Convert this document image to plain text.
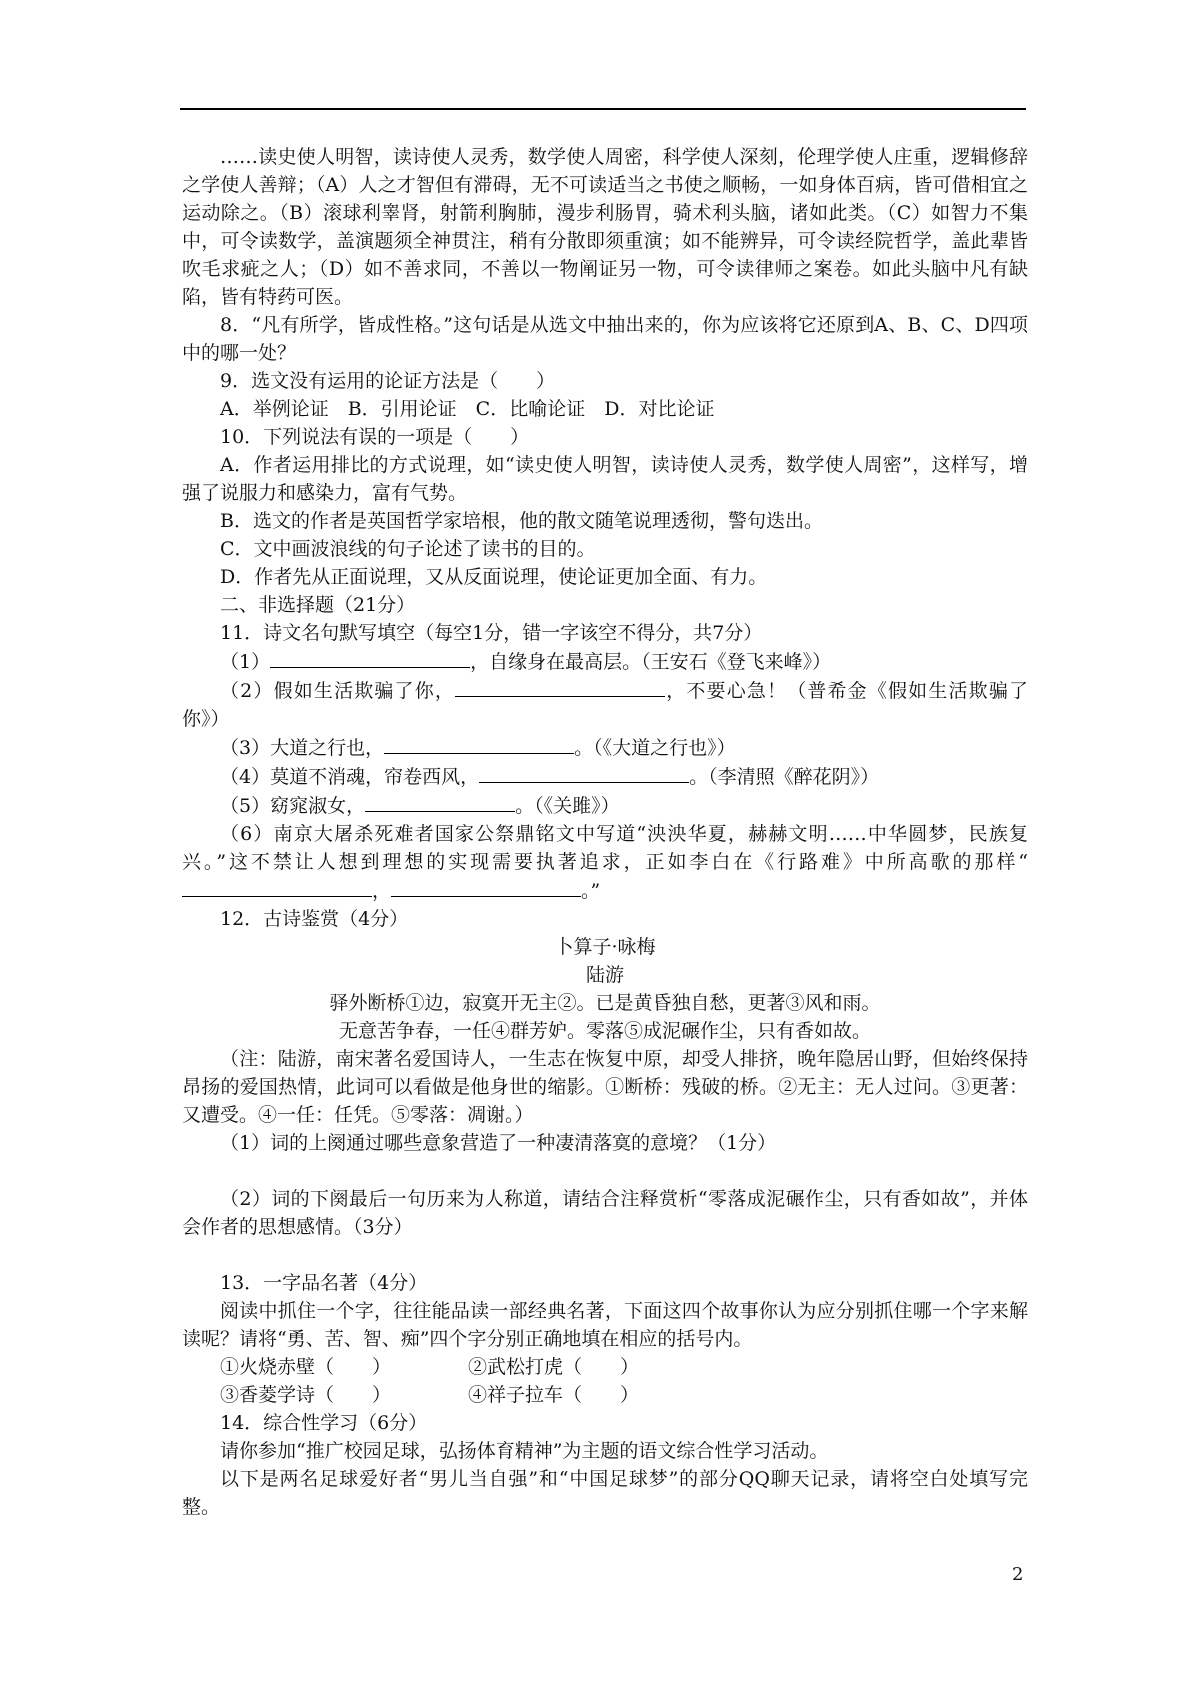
……读史使人明智，读诗使人灵秀，数学使人周密，科学使人深刻，伦理学使人庄重，逻辑修辞之学使人善辩；（A）人之才智但有滞碍，无不可读适当之书使之顺畅，一如身体百病，皆可借相宜之运动除之。（B）滚球利睾肾，射箭利胸肺，漫步利肠胃，骑术利头脑，诸如此类。（C）如智力不集中，可令读数学，盖演题须全神贯注，稍有分散即须重演；如不能辨异，可令读经院哲学，盖此辈皆吹毛求疵之人；（D）如不善求同，不善以一物阐证另一物，可令读律师之案卷。如此头脑中凡有缺陷，皆有特药可医。

8．“凡有所学，皆成性格。”这句话是从选文中抽出来的，你为应该将它还原到A、B、C、D四项中的哪一处？

9．选文没有运用的论证方法是（　　）

A．举例论证　B．引用论证　C．比喻论证　D．对比论证

10．下列说法有误的一项是（　　）

A．作者运用排比的方式说理，如“读史使人明智，读诗使人灵秀，数学使人周密”，这样写，增强了说服力和感染力，富有气势。

B．选文的作者是英国哲学家培根，他的散文随笔说理透彻，警句迭出。

C．文中画波浪线的句子论述了读书的目的。

D．作者先从正面说理，又从反面说理，使论证更加全面、有力。

二、非选择题（21分）

11．诗文名句默写填空（每空1分，错一字该空不得分，共7分）

（1）	，自缘身在最高层。（王安石《登飞来峰》）

（2）假如生活欺骗了你，	，不要心急！（普希金《假如生活欺骗了你》）

（3）大道之行也，	。（《大道之行也》）

（4）莫道不消魂，帘卷西风，	。（李清照《醉花阴》）

（5）窈窕淑女，	。（《关雎》）

（6）南京大屠杀死难者国家公祭鼎铭文中写道“泱泱华夏，赫赫文明……中华圆梦，民族复兴。”这不禁让人想到理想的实现需要执著追求，正如李白在《行路难》中所高歌的那样“，	。”

12．古诗鉴赏（4分）

卜算子·咏梅

陆游

驿外断桥①边，寂寞开无主②。已是黄昏独自愁，更著③风和雨。

无意苦争春，一任④群芳妒。零落⑤成泥碾作尘，只有香如故。

（注：陆游，南宋著名爱国诗人，一生志在恢复中原，却受人排挤，晚年隐居山野，但始终保持昂扬的爱国热情，此词可以看做是他身世的缩影。①断桥：残破的桥。②无主：无人过问。③更著：又遭受。④一任：任凭。⑤零落：凋谢。）

（1）词的上阕通过哪些意象营造了一种凄清落寞的意境？（1分）

（2）词的下阕最后一句历来为人称道，请结合注释赏析“零落成泥碾作尘，只有香如故”，并体会作者的思想感情。（3分）

13．一字品名著（4分）

阅读中抓住一个字，往往能品读一部经典名著，下面这四个故事你认为应分别抓住哪一个字来解读呢？请将“勇、苦、智、痴”四个字分别正确地填在相应的括号内。

①火烧赤壁（　　）	②武松打虎（　　）
③香菱学诗（　　）	④祥子拉车（　　）

14．综合性学习（6分）

请你参加“推广校园足球，弘扬体育精神”为主题的语文综合性学习活动。

以下是两名足球爱好者“男儿当自强”和“中国足球梦”的部分QQ聊天记录，请将空白处填写完整。

2
